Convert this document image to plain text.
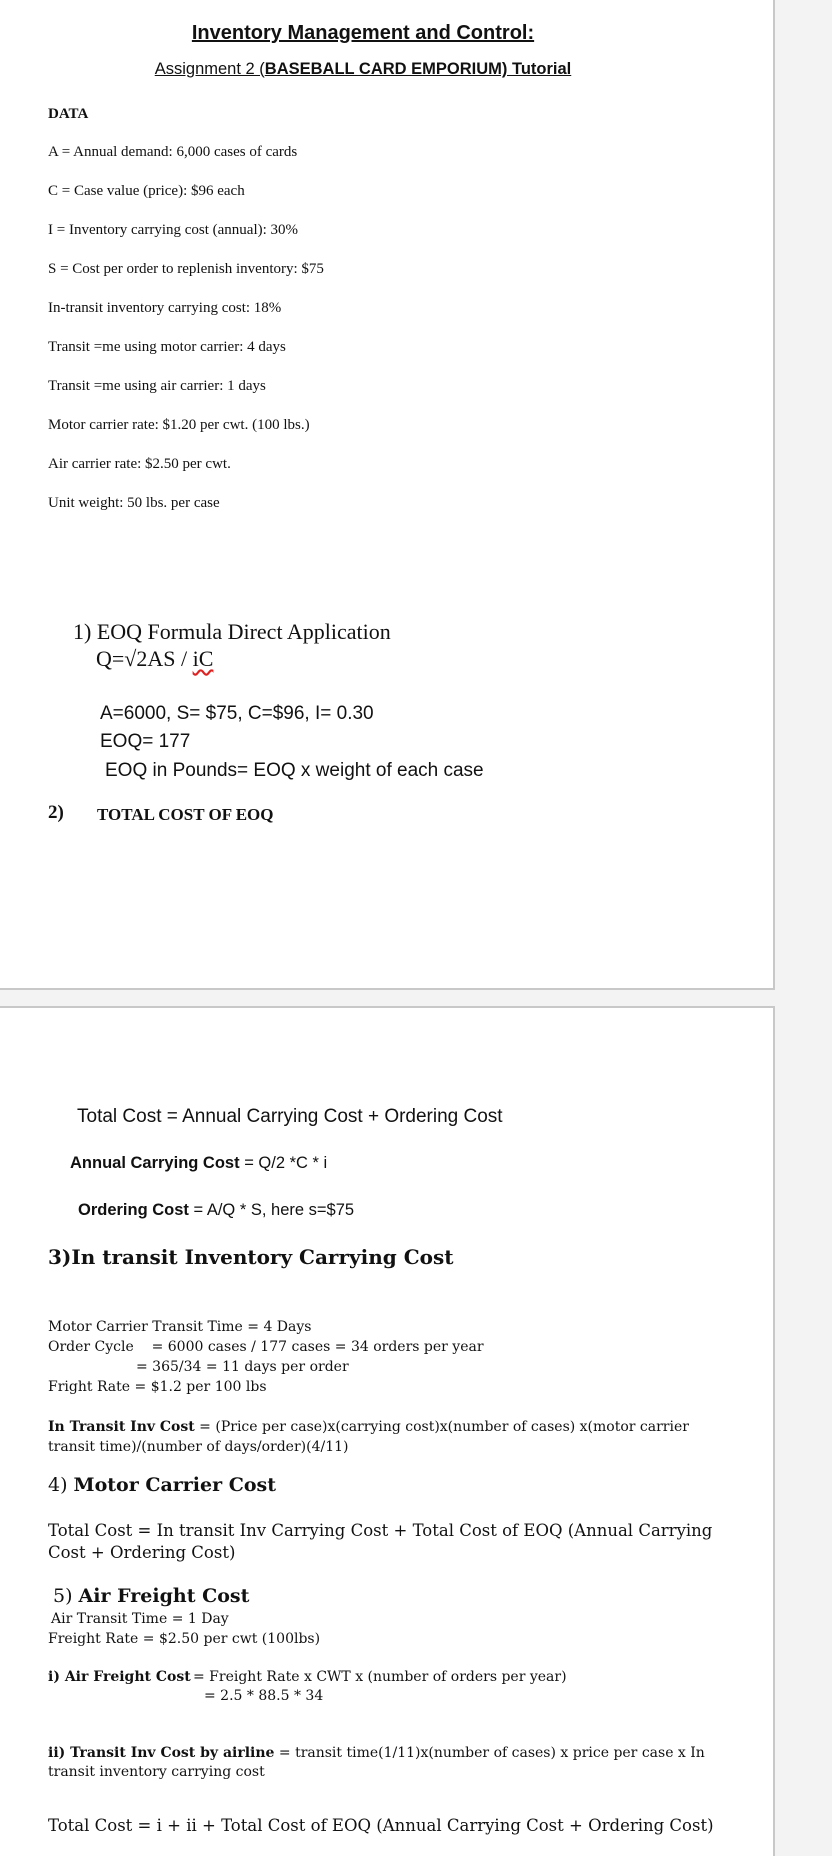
Inventory Management and Control:
Assignment 2 (BASEBALL CARD EMPORIUM) Tutorial
DATA
A = Annual demand: 6,000 cases of cards
C = Case value (price): $96 each
I = Inventory carrying cost (annual): 30%
S = Cost per order to replenish inventory: $75
In-transit inventory carrying cost: 18%
Transit =me using motor carrier: 4 days
Transit =me using air carrier: 1 days
Motor carrier rate: $1.20 per cwt. (100 lbs.)
Air carrier rate: $2.50 per cwt.
Unit weight: 50 lbs. per case
1) EOQ Formula Direct Application
Q=√2AS / iC
A=6000, S= $75, C=$96, I= 0.30
EOQ= 177
EOQ in Pounds= EOQ x weight of each case
2) TOTAL COST OF EOQ
Total Cost = Annual Carrying Cost + Ordering Cost
Annual Carrying Cost = Q/2 *C * i
Ordering Cost = A/Q * S, here s=$75
3)In transit Inventory Carrying Cost
Motor Carrier Transit Time = 4 Days
Order Cycle    = 6000 cases / 177 cases = 34 orders per year
= 365/34 = 11 days per order
Fright Rate = $1.2 per 100 lbs
In Transit Inv Cost = (Price per case)x(carrying cost)x(number of cases) x(motor carrier
transit time)/(number of days/order)(4/11)
4) Motor Carrier Cost
Total Cost = In transit Inv Carrying Cost + Total Cost of EOQ (Annual Carrying
Cost + Ordering Cost)
5) Air Freight Cost
Air Transit Time = 1 Day
Freight Rate = $2.50 per cwt (100lbs)
i) Air Freight Cost = Freight Rate x CWT x (number of orders per year)
= 2.5 * 88.5 * 34
ii) Transit Inv Cost by airline = transit time(1/11)x(number of cases) x price per case x In
transit inventory carrying cost
Total Cost = i + ii + Total Cost of EOQ (Annual Carrying Cost + Ordering Cost)
